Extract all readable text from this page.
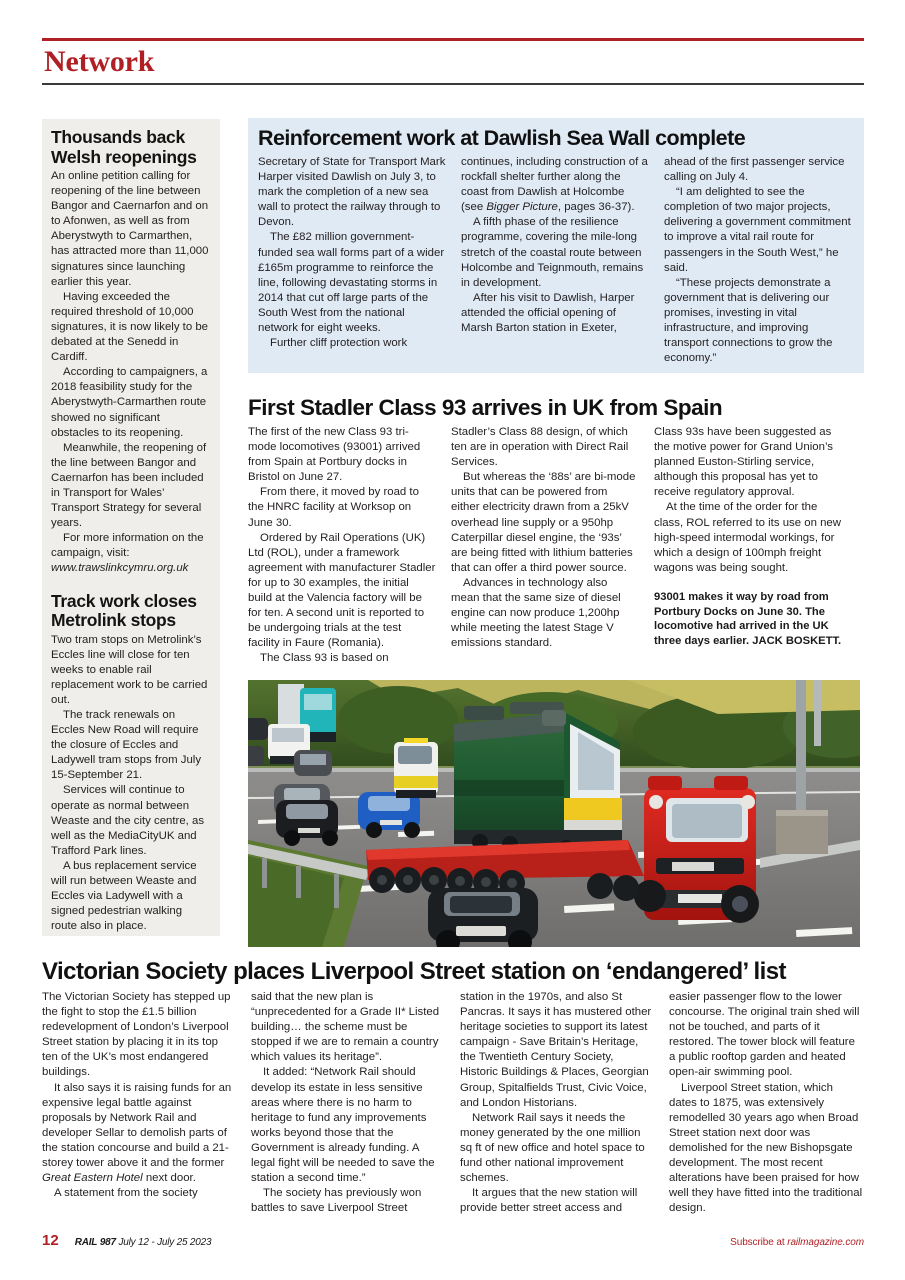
Network
Thousands back Welsh reopenings

An online petition calling for reopening of the line between Bangor and Caernarfon and on to Afonwen, as well as from Aberystwyth to Carmarthen, has attracted more than 11,000 signatures since launching earlier this year.

Having exceeded the required threshold of 10,000 signatures, it is now likely to be debated at the Senedd in Cardiff.

According to campaigners, a 2018 feasibility study for the Aberystwyth-Carmarthen route showed no significant obstacles to its reopening.

Meanwhile, the reopening of the line between Bangor and Caernarfon has been included in Transport for Wales’ Transport Strategy for several years.

For more information on the campaign, visit: www.trawslinkcymru.org.uk

Track work closes Metrolink stops

Two tram stops on Metrolink’s Eccles line will close for ten weeks to enable rail replacement work to be carried out.

The track renewals on Eccles New Road will require the closure of Eccles and Ladywell tram stops from July 15-September 21.

Services will continue to operate as normal between Weaste and the city centre, as well as the MediaCityUK and Trafford Park lines.

A bus replacement service will run between Weaste and Eccles via Ladywell with a signed pedestrian walking route also in place.

Reinforcement work at Dawlish Sea Wall complete

Secretary of State for Transport Mark Harper visited Dawlish on July 3, to mark the completion of a new sea wall to protect the railway through to Devon.

The £82 million government-funded sea wall forms part of a wider £165m programme to reinforce the line, following devastating storms in 2014 that cut off large parts of the South West from the national network for eight weeks.

Further cliff protection work

continues, including construction of a rockfall shelter further along the coast from Dawlish at Holcombe (see Bigger Picture, pages 36-37).

A fifth phase of the resilience programme, covering the mile-long stretch of the coastal route between Holcombe and Teignmouth, remains in development.

After his visit to Dawlish, Harper attended the official opening of Marsh Barton station in Exeter,

ahead of the first passenger service calling on July 4.

“I am delighted to see the completion of two major projects, delivering a government commitment to improve a vital rail route for passengers in the South West,” he said.

“These projects demonstrate a government that is delivering our promises, investing in vital infrastructure, and improving transport connections to grow the economy.”

First Stadler Class 93 arrives in UK from Spain

The first of the new Class 93 tri-mode locomotives (93001) arrived from Spain at Portbury docks in Bristol on June 27.

From there, it moved by road to the HNRC facility at Worksop on June 30.

Ordered by Rail Operations (UK) Ltd (ROL), under a framework agreement with manufacturer Stadler for up to 30 examples, the initial build at the Valencia factory will be for ten. A second unit is reported to be undergoing trials at the test facility in Faure (Romania).

The Class 93 is based on

Stadler’s Class 88 design, of which ten are in operation with Direct Rail Services.

But whereas the ‘88s’ are bi-mode units that can be powered from either electricity drawn from a 25kV overhead line supply or a 950hp Caterpillar diesel engine, the ‘93s’ are being fitted with lithium batteries that can offer a third power source.

Advances in technology also mean that the same size of diesel engine can now produce 1,200hp while meeting the latest Stage V emissions standard.

Class 93s have been suggested as the motive power for Grand Union’s planned Euston-Stirling service, although this proposal has yet to receive regulatory approval.

At the time of the order for the class, ROL referred to its use on new high-speed intermodal workings, for which a design of 100mph freight wagons was being sought.

93001 makes it way by road from Portbury Docks on June 30. The locomotive had arrived in the UK three days earlier. JACK BOSKETT.
Victorian Society places Liverpool Street station on ‘endangered’ list

The Victorian Society has stepped up the fight to stop the £1.5 billion redevelopment of London’s Liverpool Street station by placing it in its top ten of the UK’s most endangered buildings.

It also says it is raising funds for an expensive legal battle against proposals by Network Rail and developer Sellar to demolish parts of the station concourse and build a 21-storey tower above it and the former Great Eastern Hotel next door.

A statement from the society

said that the new plan is “unprecedented for a Grade II* Listed building… the scheme must be stopped if we are to remain a country which values its heritage”.

It added: “Network Rail should develop its estate in less sensitive areas where there is no harm to heritage to fund any improvements works beyond those that the Government is already funding. A legal fight will be needed to save the station a second time.”

The society has previously won battles to save Liverpool Street

station in the 1970s, and also St Pancras. It says it has mustered other heritage societies to support its latest campaign - Save Britain’s Heritage, the Twentieth Century Society, Historic Buildings & Places, Georgian Group, Spitalfields Trust, Civic Voice, and London Historians.

Network Rail says it needs the money generated by the one million sq ft of new office and hotel space to fund other national improvement schemes.

It argues that the new station will provide better street access and

easier passenger flow to the lower concourse. The original train shed will not be touched, and parts of it restored. The tower block will feature a public rooftop garden and heated open-air swimming pool.

Liverpool Street station, which dates to 1875, was extensively remodelled 30 years ago when Broad Street station next door was demolished for the new Bishopsgate development. The most recent alterations have been praised for how well they have fitted into the traditional design.

12 RAIL 987 July 12 - July 25 2023	Subscribe at railmagazine.com
